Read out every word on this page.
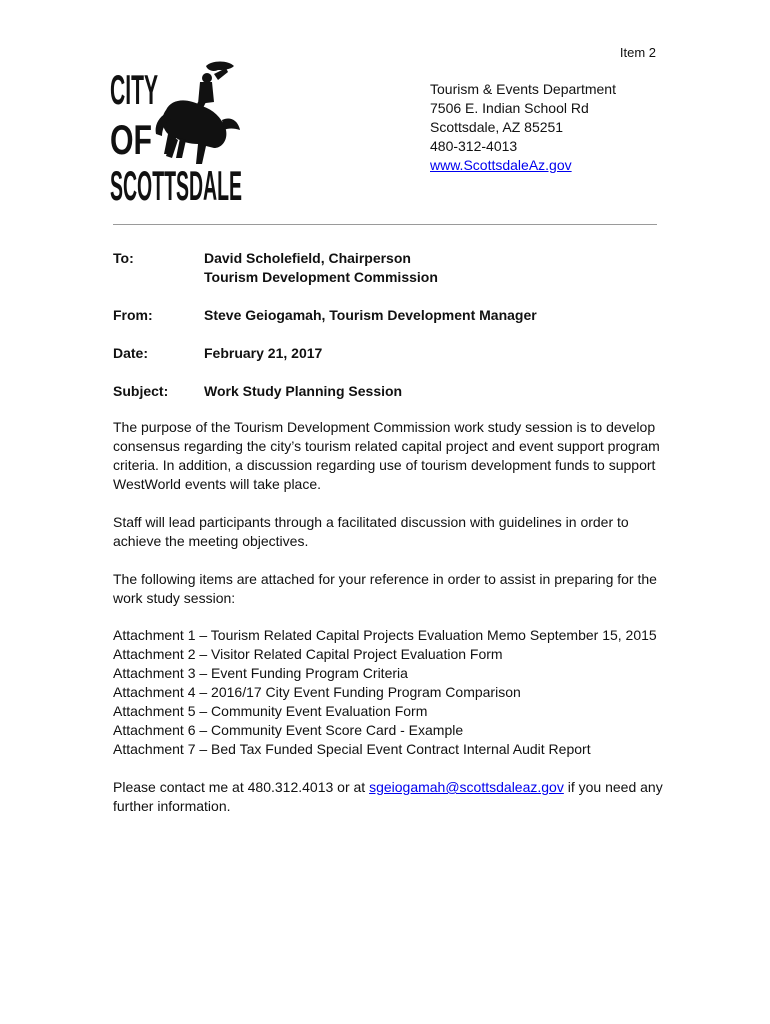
Item 2
CITY
OF
SCOTTSDALE
Tourism & Events Department
7506 E. Indian School Rd
Scottsdale, AZ 85251
480-312-4013
www.ScottsdaleAz.gov
To:	David Scholefield, Chairperson
Tourism Development Commission
From:	Steve Geiogamah, Tourism Development Manager
Date:	February 21, 2017
Subject:	Work Study Planning Session

The purpose of the Tourism Development Commission work study session is to develop consensus regarding the city’s tourism related capital project and event support program criteria. In addition, a discussion regarding use of tourism development funds to support WestWorld events will take place.

Staff will lead participants through a facilitated discussion with guidelines in order to achieve the meeting objectives.

The following items are attached for your reference in order to assist in preparing for the work study session:

Attachment 1 – Tourism Related Capital Projects Evaluation Memo September 15, 2015
Attachment 2 – Visitor Related Capital Project Evaluation Form
Attachment 3 – Event Funding Program Criteria
Attachment 4 – 2016/17 City Event Funding Program Comparison
Attachment 5 – Community Event Evaluation Form
Attachment 6 – Community Event Score Card - Example
Attachment 7 – Bed Tax Funded Special Event Contract Internal Audit Report
Please contact me at 480.312.4013 or at sgeiogamah@scottsdaleaz.gov if you need any further information.
